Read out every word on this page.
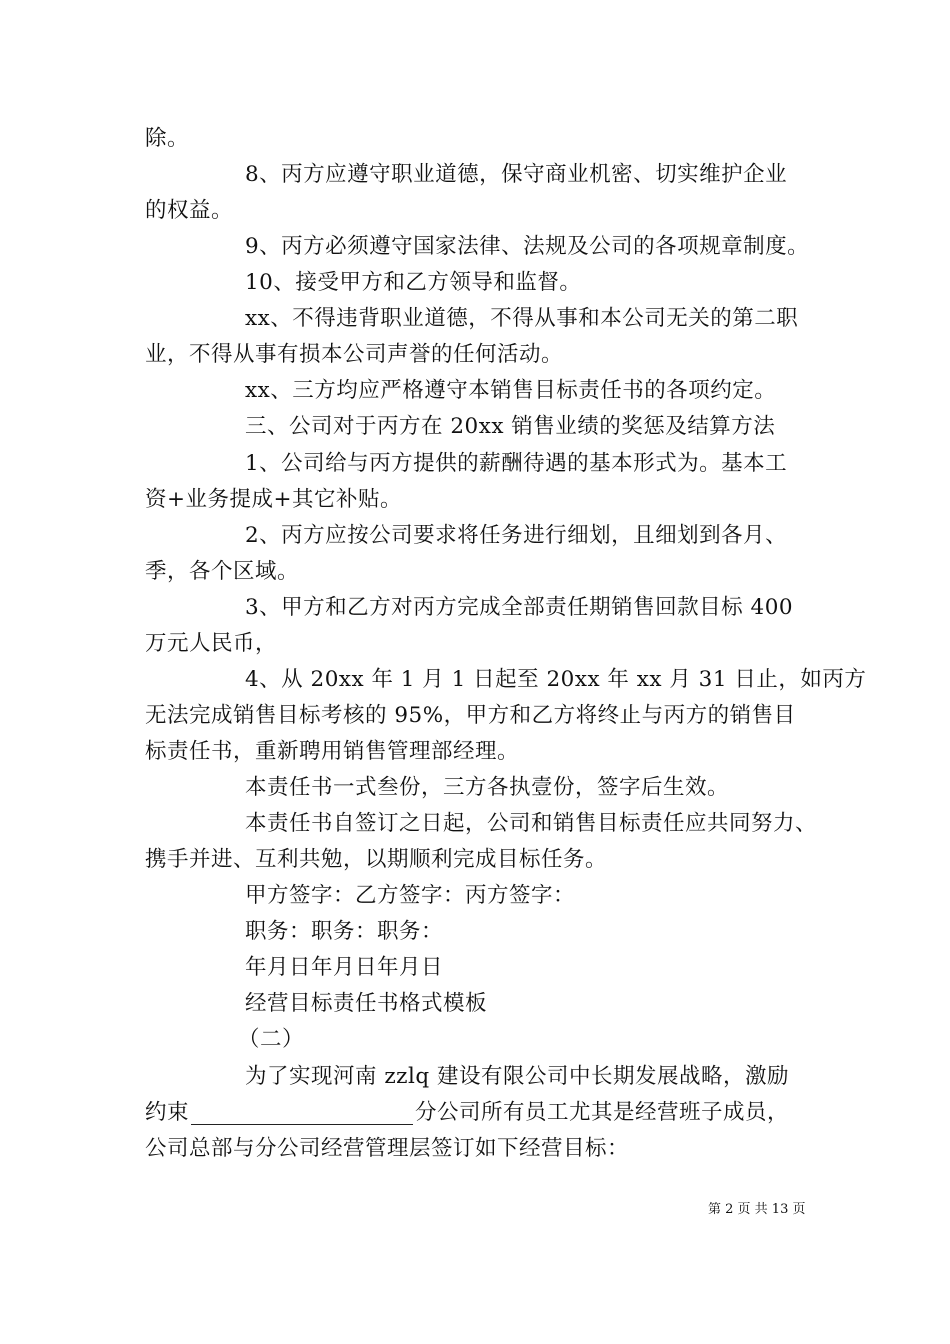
除。
8、丙方应遵守职业道德，保守商业机密、切实维护企业
的权益。
9、丙方必须遵守国家法律、法规及公司的各项规章制度。
10、接受甲方和乙方领导和监督。
xx、不得违背职业道德，不得从事和本公司无关的第二职
业，不得从事有损本公司声誉的任何活动。
xx、三方均应严格遵守本销售目标责任书的各项约定。
三、公司对于丙方在 20xx 销售业绩的奖惩及结算方法
1、公司给与丙方提供的薪酬待遇的基本形式为。基本工
资+业务提成+其它补贴。
2、丙方应按公司要求将任务进行细划，且细划到各月、
季，各个区域。
3、甲方和乙方对丙方完成全部责任期销售回款目标 400
万元人民币，
4、从 20xx 年 1 月 1 日起至 20xx 年 xx 月 31 日止，如丙方
无法完成销售目标考核的 95%，甲方和乙方将终止与丙方的销售目
标责任书，重新聘用销售管理部经理。
本责任书一式叁份，三方各执壹份，签字后生效。
本责任书自签订之日起，公司和销售目标责任应共同努力、
携手并进、互利共勉，以期顺利完成目标任务。
甲方签字：乙方签字：丙方签字：
职务：职务：职务：
年月日年月日年月日
经营目标责任书格式模板
（二）
为了实现河南 zzlq 建设有限公司中长期发展战略，激励
约束	分公司所有员工尤其是经营班子成员，
公司总部与分公司经营管理层签订如下经营目标：
第 2 页 共 13 页
